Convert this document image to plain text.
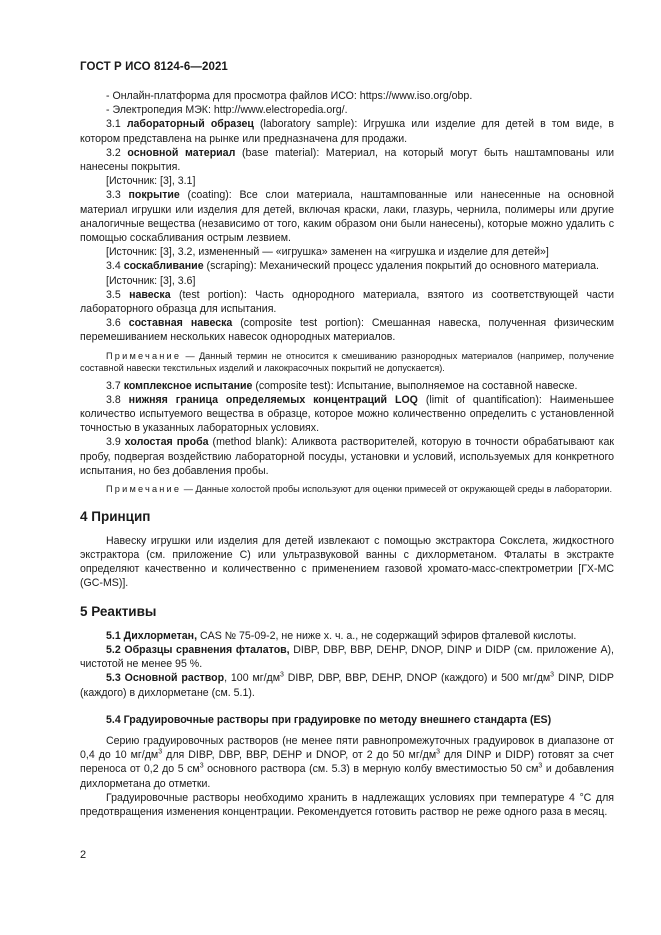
ГОСТ Р ИСО 8124-6—2021

- Онлайн-платформа для просмотра файлов ИСО: https://www.iso.org/obp.

- Электропедия МЭК: http://www.electropedia.org/.

3.1 лабораторный образец (laboratory sample): Игрушка или изделие для детей в том виде, в котором представлена на рынке или предназначена для продажи.

3.2 основной материал (base material): Материал, на который могут быть наштампованы или нанесены покрытия.

[Источник: [3], 3.1]

3.3 покрытие (coating): Все слои материала, наштампованные или нанесенные на основной материал игрушки или изделия для детей, включая краски, лаки, глазурь, чернила, полимеры или другие аналогичные вещества (независимо от того, каким образом они были нанесены), которые можно удалить с помощью соскабливания острым лезвием.

[Источник: [3], 3.2, измененный — «игрушка» заменен на «игрушка и изделие для детей»]

3.4 соскабливание (scraping): Механический процесс удаления покрытий до основного материала.

[Источник: [3], 3.6]

3.5 навеска (test portion): Часть однородного материала, взятого из соответствующей части лабораторного образца для испытания.

3.6 составная навеска (composite test portion): Смешанная навеска, полученная физическим перемешиванием нескольких навесок однородных материалов.

Примечание — Данный термин не относится к смешиванию разнородных материалов (например, получение составной навески текстильных изделий и лакокрасочных покрытий не допускается).

3.7 комплексное испытание (composite test): Испытание, выполняемое на составной навеске.

3.8 нижняя граница определяемых концентраций LOQ (limit of quantification): Наименьшее количество испытуемого вещества в образце, которое можно количественно определить с установленной точностью в указанных лабораторных условиях.

3.9 холостая проба (method blank): Аликвота растворителей, которую в точности обрабатывают как пробу, подвергая воздействию лабораторной посуды, установки и условий, используемых для конкретного испытания, но без добавления пробы.

Примечание — Данные холостой пробы используют для оценки примесей от окружающей среды в лаборатории.

4 Принцип

Навеску игрушки или изделия для детей извлекают с помощью экстрактора Сокслета, жидкостного экстрактора (см. приложение C) или ультразвуковой ванны с дихлорметаном. Фталаты в экстракте определяют качественно и количественно с применением газовой хромато-масс-спектрометрии [ГХ-МС (GC-MS)].

5 Реактивы

5.1 Дихлорметан, CAS № 75-09-2, не ниже х. ч. а., не содержащий эфиров фталевой кислоты.

5.2 Образцы сравнения фталатов, DIBP, DBP, BBP, DEHP, DNOP, DINP и DIDP (см. приложение А), чистотой не менее 95 %.

5.3 Основной раствор, 100 $мг/дм^3$ DIBP, DBP, BBP, DEHP, DNOP (каждого) и 500 $мг/дм^3$ DINP, DIDP (каждого) в дихлорметане (см. 5.1).

5.4 Градуировочные растворы при градуировке по методу внешнего стандарта (ES)

Серию градуировочных растворов (не менее пяти равнопромежуточных градуировок в диапазоне от 0,4 до 10 $мг/дм^3$ для DIBP, DBP, BBP, DEHP и DNOP, от 2 до 50 $мг/дм^3$ для DINP и DIDP) готовят за счет переноса от 0,2 до 5 $см^3$ основного раствора (см. 5.3) в мерную колбу вместимостью 50 $см^3$ и добавления дихлорметана до отметки.

Градуировочные растворы необходимо хранить в надлежащих условиях при температуре 4 °С для предотвращения изменения концентрации. Рекомендуется готовить раствор не реже одного раза в месяц.

2
